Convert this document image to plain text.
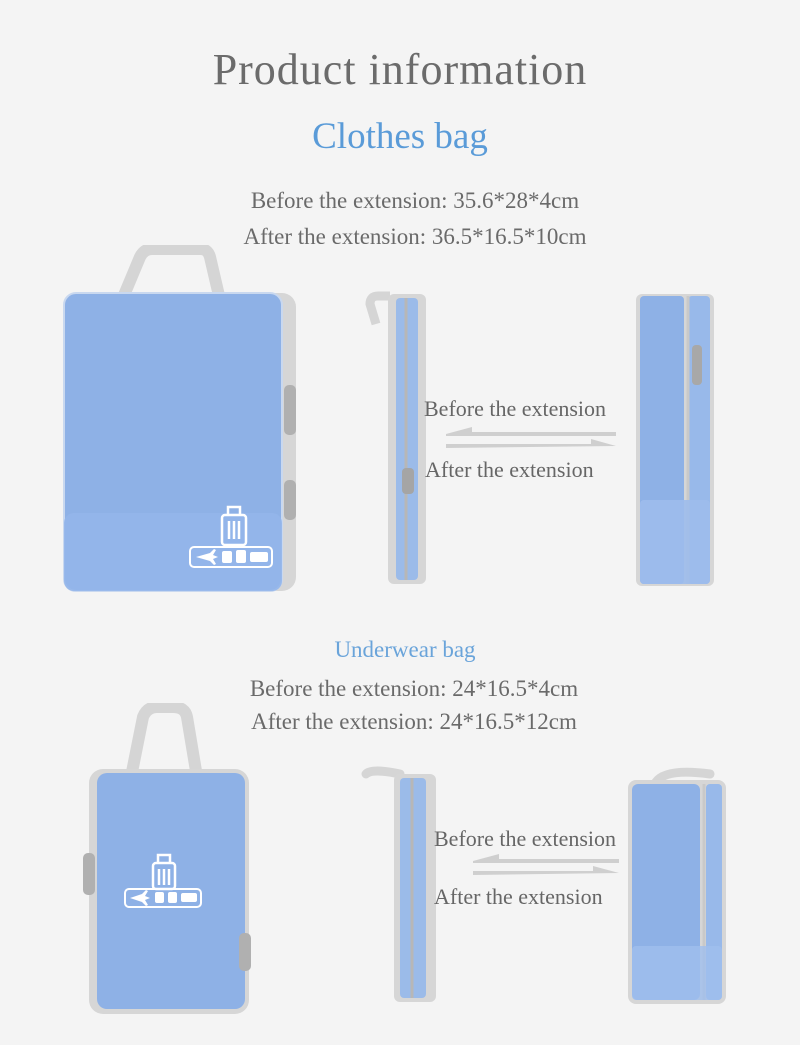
Product information
Clothes bag
Before the extension: 35.6*28*4cm
After the extension: 36.5*16.5*10cm
Before the extension
After the extension
Underwear bag
Before the extension: 24*16.5*4cm
After the extension: 24*16.5*12cm
Before the extension
After the extension
